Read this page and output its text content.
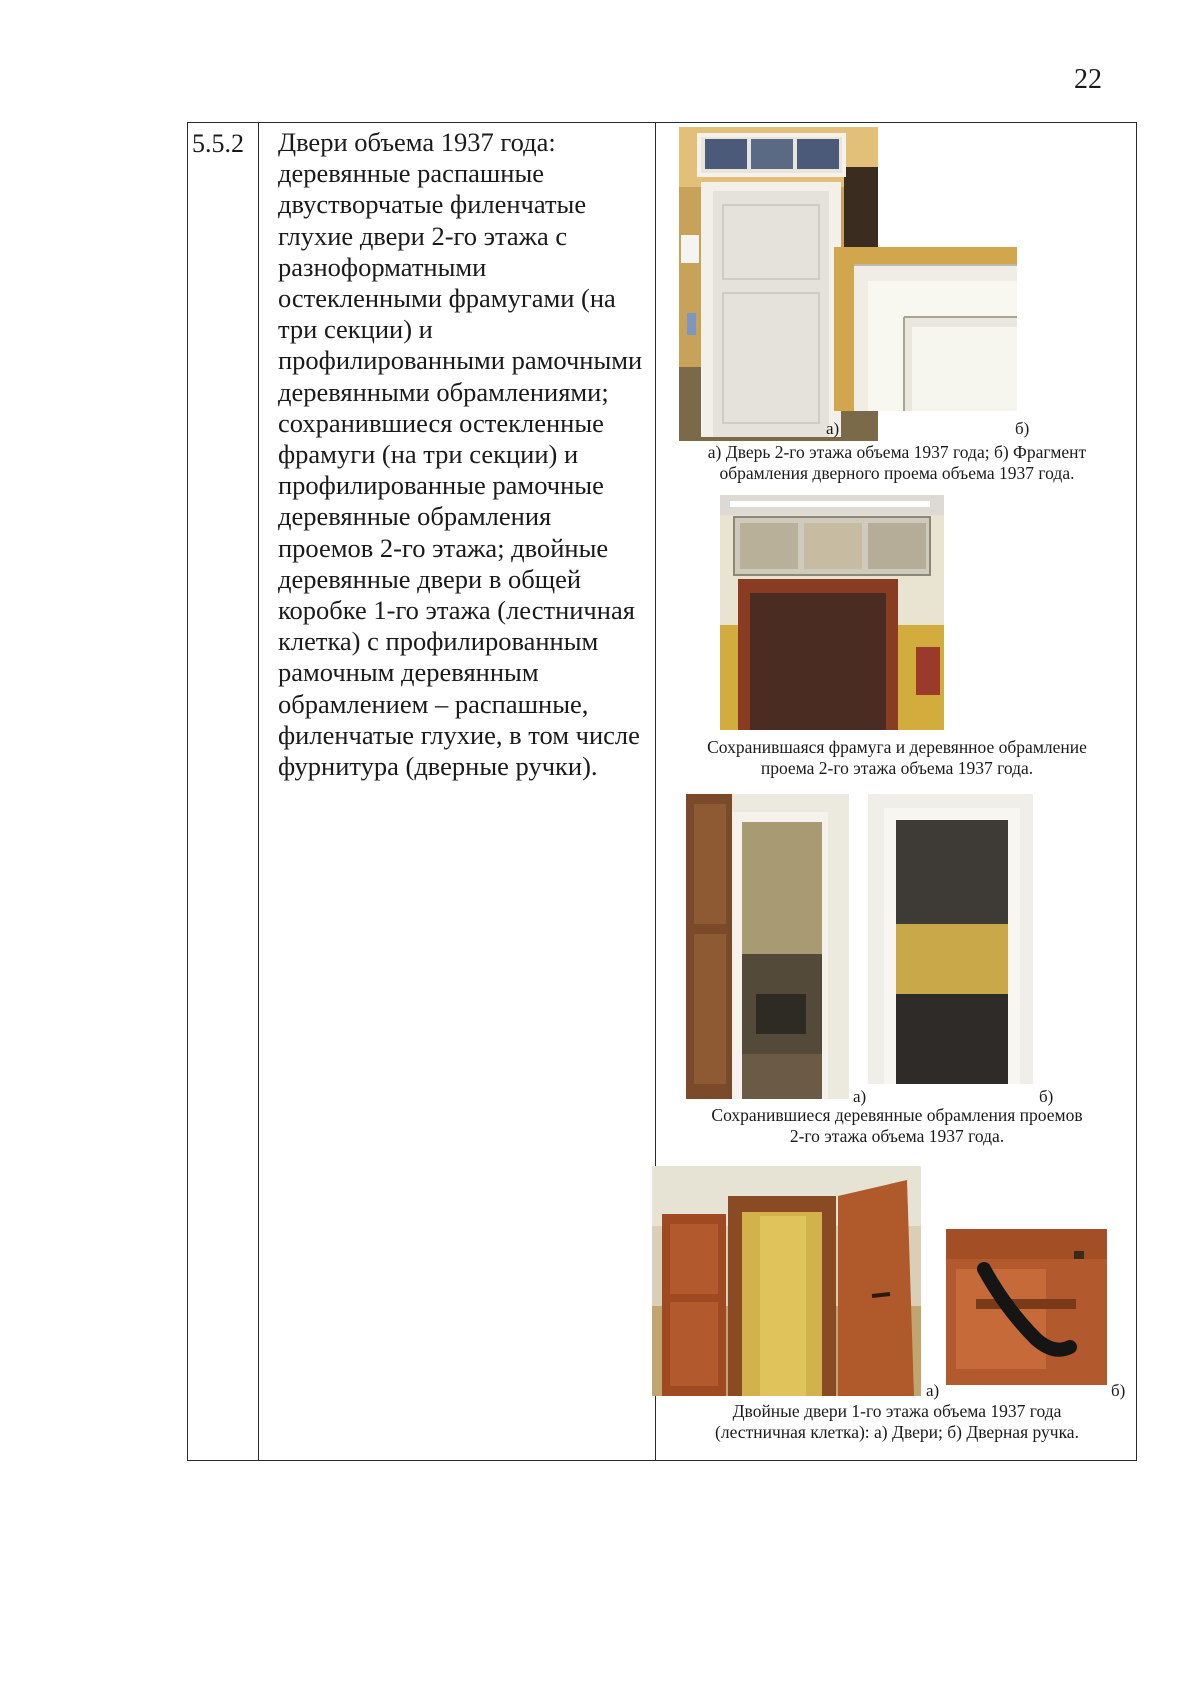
22
5.5.2 Двери объема 1937 года: деревянные распашные двустворчатые филенчатые глухие двери 2-го этажа с разноформатными остекленными фрамугами (на три секции) и профилированными рамочными деревянными обрамлениями; сохранившиеся остекленные фрамуги (на три секции) и профилированные рамочные деревянные обрамления проемов 2-го этажа; двойные деревянные двери в общей коробке 1-го этажа (лестничная клетка) с профилированным рамочным деревянным обрамлением – распашные, филенчатые глухие, в том числе фурнитура (дверные ручки).
а)	б)
а) Дверь 2-го этажа объема 1937 года; б) Фрагмент
обрамления дверного проема объема 1937 года.
Сохранившаяся фрамуга и деревянное обрамление
проема 2-го этажа объема 1937 года.
а)	б)
Сохранившиеся деревянные обрамления проемов
2-го этажа объема 1937 года.
а)	б)
Двойные двери 1-го этажа объема 1937 года
(лестничная клетка): а) Двери; б) Дверная ручка.
